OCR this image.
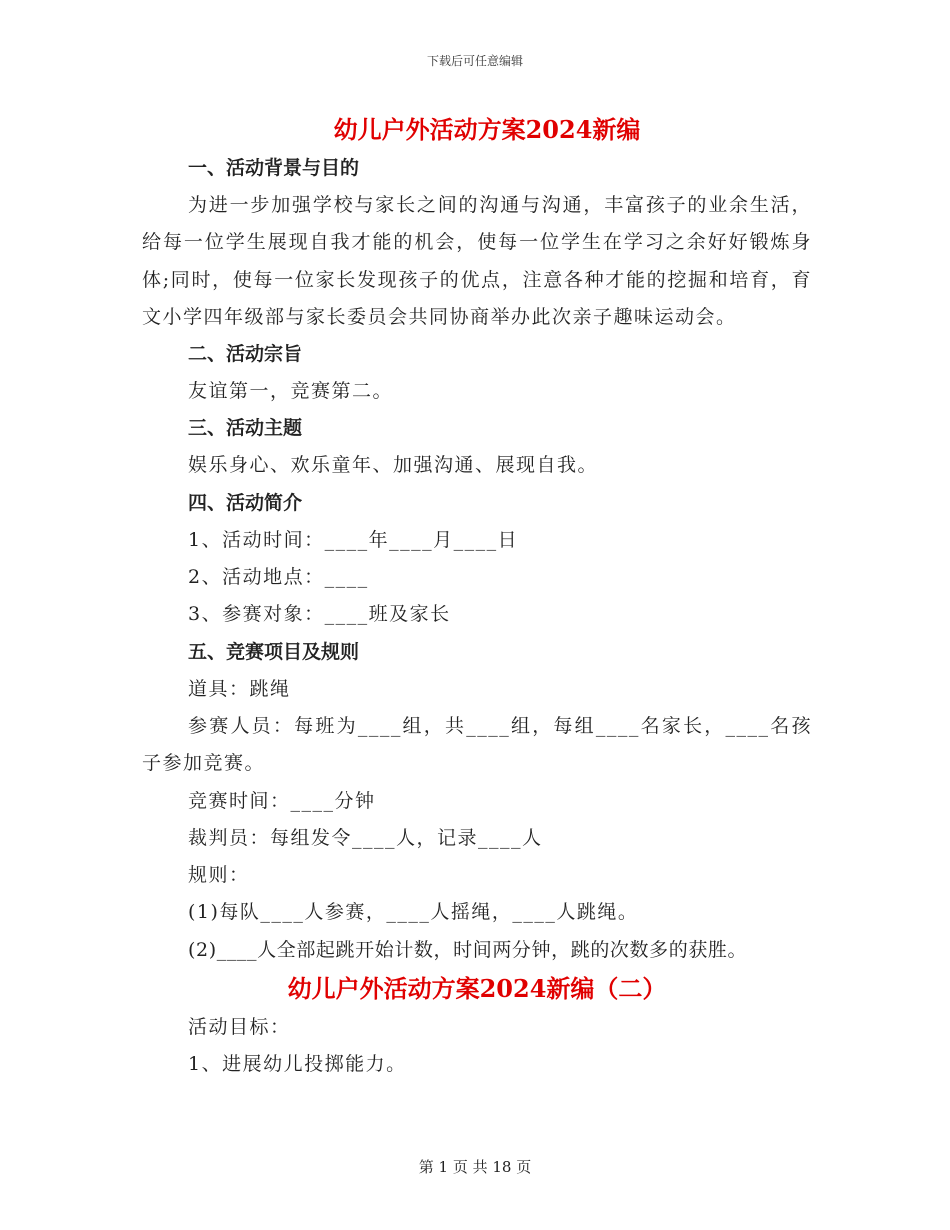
下载后可任意编辑
幼儿户外活动方案2024新编
一、活动背景与目的

为进一步加强学校与家长之间的沟通与沟通，丰富孩子的业余生活，给每一位学生展现自我才能的机会，使每一位学生在学习之余好好锻炼身体;同时，使每一位家长发现孩子的优点，注意各种才能的挖掘和培育，育文小学四年级部与家长委员会共同协商举办此次亲子趣味运动会。

二、活动宗旨

友谊第一，竞赛第二。

三、活动主题

娱乐身心、欢乐童年、加强沟通、展现自我。

四、活动简介

1、活动时间：____年____月____日

2、活动地点：____

3、参赛对象：____班及家长

五、竞赛项目及规则

道具：跳绳

参赛人员：每班为____组，共____组，每组____名家长，____名孩子参加竞赛。

竞赛时间：____分钟

裁判员：每组发令____人，记录____人

规则：

(1)每队____人参赛，____人摇绳，____人跳绳。

(2)____人全部起跳开始计数，时间两分钟，跳的次数多的获胜。

幼儿户外活动方案2024新编（二）

活动目标：

1、进展幼儿投掷能力。

第 1 页 共 18 页
